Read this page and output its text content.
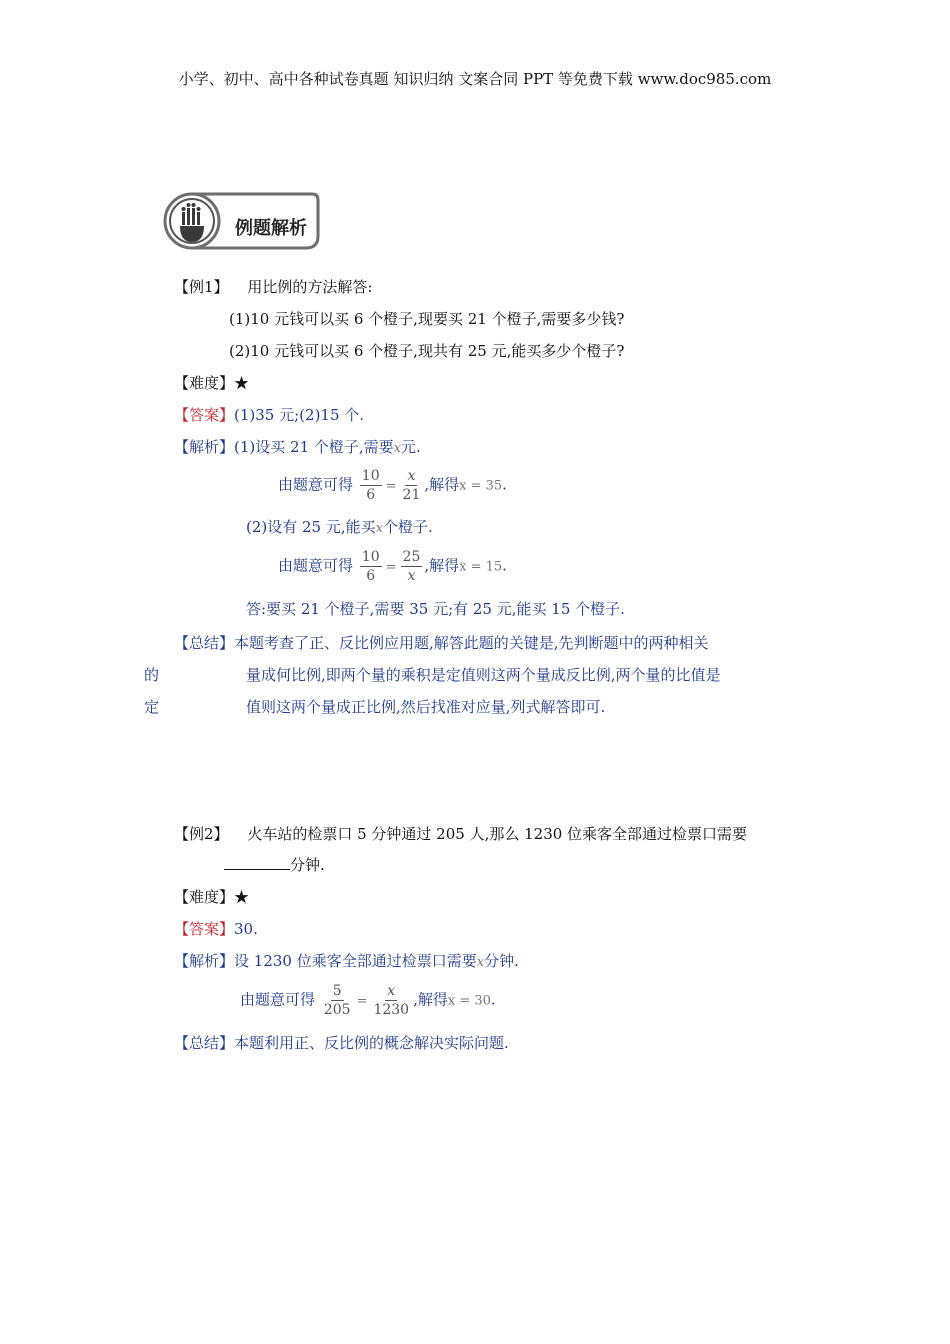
小学、初中、高中各种试卷真题 知识归纳 文案合同 PPT 等免费下载 www.doc985.com
例题解析
【例1】 用比例的方法解答:
(1)10 元钱可以买 6 个橙子,现要买 21 个橙子,需要多少钱?
(2)10 元钱可以买 6 个橙子,现共有 25 元,能买多少个橙子?
【难度】★
【答案】(1)35 元;(2)15 个.
【解析】(1)设买 21 个橙子,需要x元.
由题意可得 $\frac{10}{6} = \frac{x}{21}$ ,解得x = 35.
(2)设有 25 元,能买x个橙子.
由题意可得 $\frac{10}{6} = \frac{25}{x}$ ,解得x = 15.
答:要买 21 个橙子,需要 35 元;有 25 元,能买 15 个橙子.
【总结】本题考查了正、反比例应用题,解答此题的关键是,先判断题中的两种相关
的	量成何比例,即两个量的乘积是定值则这两个量成反比例,两个量的比值是
定	值则这两个量成正比例,然后找准对应量,列式解答即可.
【例2】 火车站的检票口 5 分钟通过 205 人,那么 1230 位乘客全部通过检票口需要
分钟.
【难度】★
【答案】30.
【解析】设 1230 位乘客全部通过检票口需要x分钟.
由题意可得 $\frac{5}{205} = \frac{x}{1230}$ ,解得x = 30.
【总结】本题利用正、反比例的概念解决实际问题.
